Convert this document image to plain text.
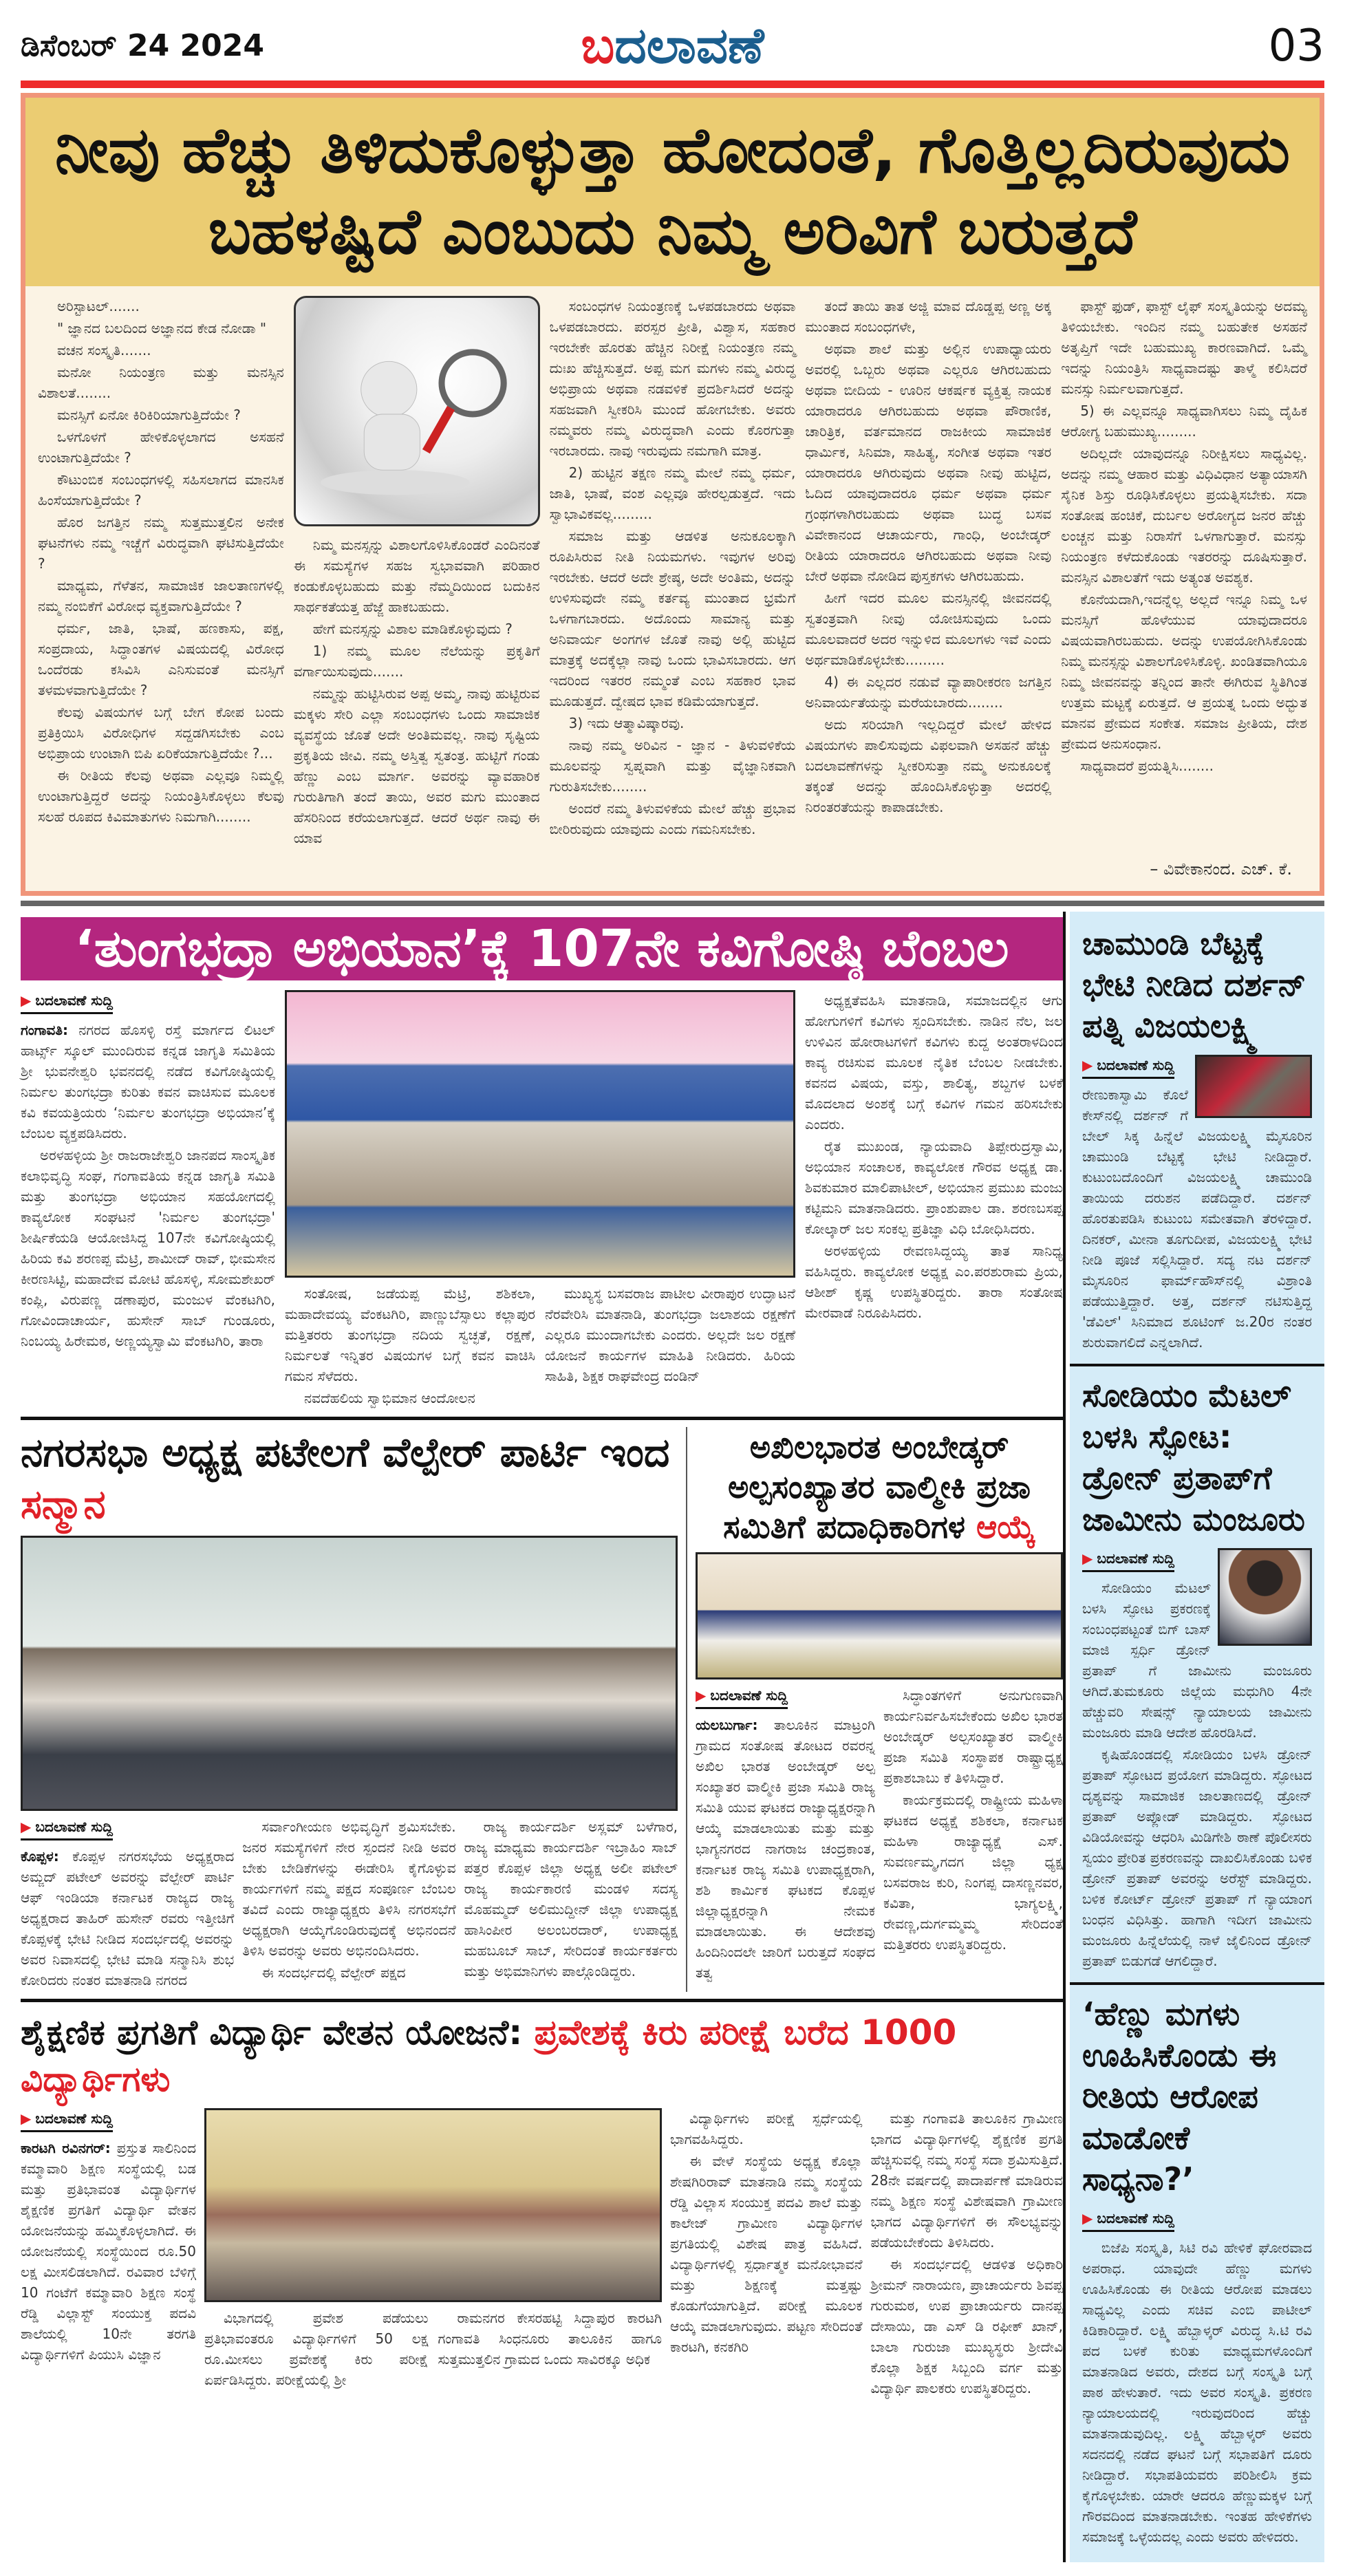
ಡಿಸೆಂಬರ್ 24 2024	ಬದಲಾವಣೆ	03
ನೀವು ಹೆಚ್ಚು ತಿಳಿದುಕೊಳ್ಳುತ್ತಾ ಹೋದಂತೆ, ಗೊತ್ತಿಲ್ಲದಿರುವುದು
ಬಹಳಷ್ಟಿದೆ ಎಂಬುದು ನಿಮ್ಮ ಅರಿವಿಗೆ ಬರುತ್ತದೆ

ಅರಿಸ್ಟಾಟಲ್.......

" ಜ್ಞಾನದ ಬಲದಿಂದ ಅಜ್ಞಾನದ ಕೇಡ ನೋಡಾ "

ವಚನ ಸಂಸ್ಕೃತಿ.......

ಮನೋ ನಿಯಂತ್ರಣ ಮತ್ತು ಮನಸ್ಸಿನ ವಿಶಾಲತೆ........

ಮನಸ್ಸಿಗೆ ಏನೋ ಕಿರಿಕಿರಿಯಾಗುತ್ತಿದೆಯೇ ?

ಒಳಗೊಳಗೆ ಹೇಳಿಕೊಳ್ಳಲಾಗದ ಅಸಹನೆ ಉಂಟಾಗುತ್ತಿದೆಯೇ ?

ಕೌಟುಂಬಿಕ ಸಂಬಂಧಗಳಲ್ಲಿ ಸಹಿಸಲಾಗದ ಮಾನಸಿಕ ಹಿಂಸೆಯಾಗುತ್ತಿದೆಯೇ ?

ಹೊರ ಜಗತ್ತಿನ ನಮ್ಮ ಸುತ್ತಮುತ್ತಲಿನ ಅನೇಕ ಘಟನೆಗಳು ನಮ್ಮ ಇಚ್ಚೆಗೆ ವಿರುದ್ಧವಾಗಿ ಘಟಿಸುತ್ತಿದೆಯೇ ?

ಮಾಧ್ಯಮ, ಗೆಳೆತನ, ಸಾಮಾಜಿಕ ಜಾಲತಾಣಗಳಲ್ಲಿ ನಮ್ಮ ನಂಬಿಕೆಗೆ ವಿರೋಧ ವ್ಯಕ್ತವಾಗುತ್ತಿದೆಯೇ ?

ಧರ್ಮ, ಜಾತಿ, ಭಾಷೆ, ಹಣಕಾಸು, ಪಕ್ಷ, ಸಂಪ್ರದಾಯ, ಸಿದ್ಧಾಂತಗಳ ವಿಷಯದಲ್ಲಿ ವಿರೋಧ ಒಂದೆರಡು ಕಸಿವಿಸಿ ಎನಿಸುವಂತೆ ಮನಸ್ಸಿಗೆ ತಳಮಳವಾಗುತ್ತಿದೆಯೇ ?

ಕೆಲವು ವಿಷಯಗಳ ಬಗ್ಗೆ ಬೇಗ ಕೋಪ ಬಂದು ಪ್ರತಿಕ್ರಿಯಿಸಿ ವಿರೋಧಿಗಳ ಸದ್ದಡಗಿಸಬೇಕು ಎಂಬ ಅಭಿಪ್ರಾಯ ಉಂಟಾಗಿ ಬಿಪಿ ಏರಿಕೆಯಾಗುತ್ತಿದೆಯೇ ?...

ಈ ರೀತಿಯ ಕೆಲವು ಅಥವಾ ಎಲ್ಲವೂ ನಿಮ್ಮಲ್ಲಿ ಉಂಟಾಗುತ್ತಿದ್ದರೆ ಅದನ್ನು ನಿಯಂತ್ರಿಸಿಕೊಳ್ಳಲು ಕೆಲವು ಸಲಹೆ ರೂಪದ ಕಿವಿಮಾತುಗಳು ನಿಮಗಾಗಿ........

ನಿಮ್ಮ ಮನಸ್ಸನ್ನು ವಿಶಾಲಗೊಳಿಸಿಕೊಂಡರೆ ಎಂದಿನಂತೆ ಈ ಸಮಸ್ಯೆಗಳ ಸಹಜ ಸ್ವಭಾವವಾಗಿ ಪರಿಹಾರ ಕಂಡುಕೊಳ್ಳಬಹುದು ಮತ್ತು ನೆಮ್ಮದಿಯಿಂದ ಬದುಕಿನ ಸಾರ್ಥಕತೆಯತ್ತ ಹೆಜ್ಜೆ ಹಾಕಬಹುದು.

ಹೇಗೆ ಮನಸ್ಸನ್ನು ವಿಶಾಲ ಮಾಡಿಕೊಳ್ಳುವುದು ?

1) ನಮ್ಮ ಮೂಲ ನೆಲೆಯನ್ನು ಪ್ರಕೃತಿಗೆ ವರ್ಗಾಯಿಸುವುದು.......

ನಮ್ಮನ್ನು ಹುಟ್ಟಿಸಿರುವ ಅಪ್ಪ ಅಮ್ಮ, ನಾವು ಹುಟ್ಟಿರುವ ಮಕ್ಕಳು ಸೇರಿ ಎಲ್ಲಾ ಸಂಬಂಧಗಳು ಒಂದು ಸಾಮಾಜಿಕ ವ್ಯವಸ್ಥೆಯ ಜೊತೆ ಅದೇ ಅಂತಿಮವಲ್ಲ. ನಾವು ಸೃಷ್ಟಿಯ ಪ್ರಕೃತಿಯ ಜೀವಿ. ನಮ್ಮ ಅಸ್ತಿತ್ವ ಸ್ವತಂತ್ರ. ಹುಟ್ಟಿಗೆ ಗಂಡು ಹೆಣ್ಣು ಎಂಬ ಮಾರ್ಗ. ಅವರನ್ನು ವ್ಯಾವಹಾರಿಕ ಗುರುತಿಗಾಗಿ ತಂದೆ ತಾಯಿ, ಅವರ ಮಗು ಮುಂತಾದ ಹೆಸರಿನಿಂದ ಕರೆಯಲಾಗುತ್ತದೆ. ಆದರೆ ಅರ್ಥ ನಾವು ಈ ಯಾವ

ಸಂಬಂಧಗಳ ನಿಯಂತ್ರಣಕ್ಕೆ ಒಳಪಡಬಾರದು ಅಥವಾ ಒಳಪಡಬಾರದು. ಪರಸ್ಪರ ಪ್ರೀತಿ, ವಿಶ್ವಾಸ, ಸಹಕಾರ ಇರಬೇಕೇ ಹೊರತು ಹೆಚ್ಚಿನ ನಿರೀಕ್ಷೆ ನಿಯಂತ್ರಣ ನಮ್ಮ ದುಃಖ ಹೆಚ್ಚಿಸುತ್ತದೆ. ಅಪ್ಪ ಮಗ ಮಗಳು ನಮ್ಮ ವಿರುದ್ಧ ಅಭಿಪ್ರಾಯ ಅಥವಾ ನಡವಳಿಕೆ ಪ್ರದರ್ಶಿಸಿದರೆ ಅದನ್ನು ಸಹಜವಾಗಿ ಸ್ವೀಕರಿಸಿ ಮುಂದೆ ಹೋಗಬೇಕು. ಅವರು ನಮ್ಮವರು ನಮ್ಮ ವಿರುದ್ಧವಾಗಿ ಎಂದು ಕೊರಗುತ್ತಾ ಇರಬಾರದು. ನಾವು ಇರುವುದು ನಮಗಾಗಿ ಮಾತ್ರ.

2) ಹುಟ್ಟಿನ ತಕ್ಷಣ ನಮ್ಮ ಮೇಲೆ ನಮ್ಮ ಧರ್ಮ, ಜಾತಿ, ಭಾಷೆ, ವಂಶ ಎಲ್ಲವೂ ಹೇರಲ್ಪಡುತ್ತದೆ. ಇದು ಸ್ವಾಭಾವಿಕವಲ್ಲ.........

ಸಮಾಜ ಮತ್ತು ಆಡಳಿತ ಅನುಕೂಲಕ್ಕಾಗಿ ರೂಪಿಸಿರುವ ನೀತಿ ನಿಯಮಗಳು. ಇವುಗಳ ಅರಿವು ಇರಬೇಕು. ಆದರೆ ಅದೇ ಶ್ರೇಷ್ಠ, ಅದೇ ಅಂತಿಮ, ಅದನ್ನು ಉಳಿಸುವುದೇ ನಮ್ಮ ಕರ್ತವ್ಯ ಮುಂತಾದ ಭ್ರಮೆಗೆ ಒಳಗಾಗಬಾರದು. ಅದೊಂದು ಸಾಮಾನ್ಯ ಮತ್ತು ಅನಿವಾರ್ಯ ಅಂಗಗಳ ಜೊತೆ ನಾವು ಅಲ್ಲಿ ಹುಟ್ಟಿದ ಮಾತ್ರಕ್ಕೆ ಅದಕ್ಕೆಲ್ಲಾ ನಾವು ಒಂದು ಭಾವಿಸಬಾರದು. ಆಗ ಇದರಿಂದ ಇತರರ ನಮ್ಮಂತೆ ಎಂಬ ಸಹಕಾರ ಭಾವ ಮೂಡುತ್ತದೆ. ದ್ವೇಷದ ಭಾವ ಕಡಿಮೆಯಾಗುತ್ತದೆ.

3) ಇದು ಆತ್ಮಾವಿಷ್ಕಾರವು.

ನಾವು ನಮ್ಮ ಅರಿವಿನ - ಜ್ಞಾನ - ತಿಳುವಳಿಕೆಯ ಮೂಲವನ್ನು ಸ್ವಪ್ನವಾಗಿ ಮತ್ತು ವೈಜ್ಞಾನಿಕವಾಗಿ ಗುರುತಿಸಬೇಕು........

ಅಂದರೆ ನಮ್ಮ ತಿಳುವಳಿಕೆಯ ಮೇಲೆ ಹೆಚ್ಚು ಪ್ರಭಾವ ಬೀರಿರುವುದು ಯಾವುದು ಎಂದು ಗಮನಿಸಬೇಕು.

ತಂದೆ ತಾಯಿ ತಾತ ಅಜ್ಜಿ ಮಾವ ದೊಡ್ಡಪ್ಪ ಅಣ್ಣ ಅಕ್ಕ ಮುಂತಾದ ಸಂಬಂಧಗಳೇ,

ಅಥವಾ ಶಾಲೆ ಮತ್ತು ಅಲ್ಲಿನ ಉಪಾಧ್ಯಾಯರು ಅವರಲ್ಲಿ ಒಬ್ಬರು ಅಥವಾ ಎಲ್ಲರೂ ಆಗಿರಬಹುದು ಅಥವಾ ಬೀದಿಯ - ಊರಿನ ಆಕರ್ಷಕ ವ್ಯಕ್ತಿತ್ವ ನಾಯಕ ಯಾರಾದರೂ ಆಗಿರಬಹುದು ಅಥವಾ ಪೌರಾಣಿಕ, ಚಾರಿತ್ರಿಕ, ವರ್ತಮಾನದ ರಾಜಕೀಯ ಸಾಮಾಜಿಕ ಧಾರ್ಮಿಕ, ಸಿನಿಮಾ, ಸಾಹಿತ್ಯ, ಸಂಗೀತ ಅಥವಾ ಇತರ ಯಾರಾದರೂ ಆಗಿರುವುದು ಅಥವಾ ನೀವು ಹುಟ್ಟಿದ, ಓದಿದ ಯಾವುದಾದರೂ ಧರ್ಮ ಅಥವಾ ಧರ್ಮ ಗ್ರಂಥಗಳಾಗಿರಬಹುದು ಅಥವಾ ಬುದ್ಧ ಬಸವ ವಿವೇಕಾನಂದ ಆಚಾರ್ಯರು, ಗಾಂಧಿ, ಅಂಬೇಡ್ಕರ್ ರೀತಿಯ ಯಾರಾದರೂ ಆಗಿರಬಹುದು ಅಥವಾ ನೀವು ಬೇರೆ ಅಥವಾ ನೋಡಿದ ಪುಸ್ತಕಗಳು ಆಗಿರಬಹುದು.

ಹೀಗೆ ಇದರ ಮೂಲ ಮನಸ್ಸಿನಲ್ಲಿ ಜೀವನದಲ್ಲಿ ಸ್ವತಂತ್ರವಾಗಿ ನೀವು ಯೋಚಿಸುವುದು ಒಂದು ಮೂಲವಾದರೆ ಅದರ ಇನ್ನುಳಿದ ಮೂಲಗಳು ಇವೆ ಎಂದು ಅರ್ಥಮಾಡಿಕೊಳ್ಳಬೇಕು.........

4) ಈ ಎಲ್ಲದರ ನಡುವೆ ವ್ಯಾಪಾರೀಕರಣ ಜಗತ್ತಿನ ಅನಿವಾರ್ಯತೆಯನ್ನು ಮರೆಯಬಾರದು........

ಅದು ಸರಿಯಾಗಿ ಇಲ್ಲದಿದ್ದರೆ ಮೇಲೆ ಹೇಳಿದ ವಿಷಯಗಳು ಪಾಲಿಸುವುದು ವಿಫಲವಾಗಿ ಅಸಹನೆ ಹೆಚ್ಚು ಬದಲಾವಣೆಗಳನ್ನು ಸ್ವೀಕರಿಸುತ್ತಾ ನಮ್ಮ ಅನುಕೂಲಕ್ಕೆ ತಕ್ಕಂತೆ ಅದನ್ನು ಹೊಂದಿಸಿಕೊಳ್ಳುತ್ತಾ ಅದರಲ್ಲಿ ನಿರಂತರತೆಯನ್ನು ಕಾಪಾಡಬೇಕು.

ಫಾಸ್ಟ್ ಫುಡ್, ಫಾಸ್ಟ್ ಲೈಫ್ ಸಂಸ್ಕೃತಿಯನ್ನು ಅದಮ್ಯ ತಿಳಿಯಬೇಕು. ಇಂದಿನ ನಮ್ಮ ಬಹುತೇಕ ಅಸಹನೆ ಅತೃಪ್ತಿಗೆ ಇದೇ ಬಹುಮುಖ್ಯ ಕಾರಣವಾಗಿದೆ. ಒಮ್ಮೆ ಇದನ್ನು ನಿಯಂತ್ರಿಸಿ ಸಾಧ್ಯವಾದಷ್ಟು ತಾಳ್ಮೆ ಕಲಿಸಿದರೆ ಮನಸ್ಸು ನಿರ್ಮಲವಾಗುತ್ತದೆ.

5) ಈ ಎಲ್ಲವನ್ನೂ ಸಾಧ್ಯವಾಗಿಸಲು ನಿಮ್ಮ ದೈಹಿಕ ಆರೋಗ್ಯ ಬಹುಮುಖ್ಯ.........

ಅದಿಲ್ಲದೇ ಯಾವುದನ್ನೂ ನಿರೀಕ್ಷಿಸಲು ಸಾಧ್ಯವಿಲ್ಲ. ಅದನ್ನು ನಮ್ಮ ಆಹಾರ ಮತ್ತು ವಿಧಿವಿಧಾನ ಅತ್ಯಾಯಾಸಗಿ ಸೈನಿಕ ಶಿಸ್ತು ರೂಢಿಸಿಕೊಳ್ಳಲು ಪ್ರಯತ್ನಿಸಬೇಕು. ಸದಾ ಸಂತೋಷ ಹಂಚಿಕೆ, ದುರ್ಬಲ ಅರೋಗ್ಯದ ಜನರ ಹೆಚ್ಚು ಲಂಚ್ಚನ ಮತ್ತು ನಿರಾಸೆಗೆ ಒಳಗಾಗುತ್ತಾರೆ. ಮನಸ್ಸು ನಿಯಂತ್ರಣ ಕಳೆದುಕೊಂಡು ಇತರರನ್ನು ದೂಷಿಸುತ್ತಾರೆ. ಮನಸ್ಸಿನ ವಿಶಾಲತೆಗೆ ಇದು ಅತ್ಯಂತ ಅವಶ್ಯಕ.

ಕೊನೆಯದಾಗಿ,ಇದನ್ನೆಲ್ಲ ಅಲ್ಲದೆ ಇನ್ನೂ ನಿಮ್ಮ ಒಳ ಮನಸ್ಸಿಗೆ ಹೊಳೆಯುವ ಯಾವುದಾದರೂ ವಿಷಯವಾಗಿರಬಹುದು. ಅದನ್ನು ಉಪಯೋಗಿಸಿಕೊಂಡು ನಿಮ್ಮ ಮನಸ್ಸನ್ನು ವಿಶಾಲಗೊಳಿಸಿಕೊಳ್ಳಿ. ಖಂಡಿತವಾಗಿಯೂ ನಿಮ್ಮ ಜೀವನವನ್ನು ತನ್ನಿಂದ ತಾನೇ ಈಗಿರುವ ಸ್ಥಿತಿಗಿಂತ ಉತ್ತಮ ಮಟ್ಟಕ್ಕೆ ಏರುತ್ತದೆ. ಆ ಪ್ರಯತ್ನ ಒಂದು ಅದ್ಭುತ ಮಾನವ ಪ್ರೇಮದ ಸಂಕೇತ. ಸಮಾಜ ಪ್ರೀತಿಯ, ದೇಶ ಪ್ರೇಮದ ಅನುಸಂಧಾನ.

ಸಾಧ್ಯವಾದರೆ ಪ್ರಯತ್ನಿಸಿ........

– ವಿವೇಕಾನಂದ. ಎಚ್. ಕೆ.
‘ತುಂಗಭದ್ರಾ ಅಭಿಯಾನ’ಕ್ಕೆ 107ನೇ ಕವಿಗೋಷ್ಠಿ ಬೆಂಬಲ
▶ ಬದಲಾವಣೆ ಸುದ್ದಿ

ಗಂಗಾವತಿ: ನಗರದ ಹೊಸಳ್ಳಿ ರಸ್ತೆ ಮಾರ್ಗದ ಲಿಟಲ್ ಹಾರ್ಟ್ಸ್ ಸ್ಕೂಲ್ ಮುಂದಿರುವ ಕನ್ನಡ ಜಾಗೃತಿ ಸಮಿತಿಯ ಶ್ರೀ ಭುವನೇಶ್ವರಿ ಭವನದಲ್ಲಿ ನಡೆದ ಕವಿಗೋಷ್ಠಿಯಲ್ಲಿ ನಿರ್ಮಲ ತುಂಗಭದ್ರಾ ಕುರಿತು ಕವನ ವಾಚಿಸುವ ಮೂಲಕ ಕವಿ ಕವಯತ್ರಿಯರು ‘ನಿರ್ಮಲ ತುಂಗಭದ್ರಾ ಅಭಿಯಾನ’ಕ್ಕೆ ಬೆಂಬಲ ವ್ಯಕ್ತಪಡಿಸಿದರು.

ಅರಳಹಳ್ಳಿಯ ಶ್ರೀ ರಾಜರಾಜೇಶ್ವರಿ ಜಾನಪದ ಸಾಂಸ್ಕೃತಿಕ ಕಲಾಭಿವೃದ್ಧಿ ಸಂಘ, ಗಂಗಾವತಿಯ ಕನ್ನಡ ಜಾಗೃತಿ ಸಮಿತಿ ಮತ್ತು ತುಂಗಭದ್ರಾ ಅಭಿಯಾನ ಸಹಯೋಗದಲ್ಲಿ ಕಾವ್ಯಲೋಕ ಸಂಘಟನೆ 'ನಿರ್ಮಲ ತುಂಗಭದ್ರಾ' ಶೀರ್ಷಿಕೆಯಡಿ ಆಯೋಜಿಸಿದ್ದ 107ನೇ ಕವಿಗೋಷ್ಠಿಯಲ್ಲಿ ಹಿರಿಯ ಕವಿ ಶರಣಪ್ಪ ಮೆಟ್ರಿ, ಶಾಮೀದ್ ರಾವ್, ಭೀಮಸೇನ ಕೀರಣಸಿಟ್ಟಿ, ಮಹಾದೇವ ಮೋಟಿ ಹೊಸಳ್ಳಿ, ಸೋಮಶೇಖರ್ ಕಂಪ್ಲಿ, ವಿರುಪಣ್ಣ ಡಣಾಪುರ, ಮಂಜುಳ ವೆಂಕಟಗಿರಿ, ಗೋವಿಂದಾಚಾರ್ಯ, ಹುಸೇನ್ ಸಾಬ್ ಗುಂಡೂರು, ನಿಂಬಯ್ಯ ಹಿರೇಮಠ, ಅಣ್ಣಯ್ಯಸ್ವಾಮಿ ವೆಂಕಟಗಿರಿ, ತಾರಾ

ಸಂತೋಷ, ಜಡೆಯಪ್ಪ ಮೆಟ್ರಿ, ಶಶಿಕಲಾ, ಮಹಾದೇವಯ್ಯ ವೆಂಕಟಗಿರಿ, ಪಾಣ್ಣುಬೆಸ್ಸಾಲು ಕಲ್ಲಾಪುರ ಮತ್ತಿತರರು ತುಂಗಭದ್ರಾ ನದಿಯ ಸ್ವಚ್ಛತೆ, ರಕ್ಷಣೆ, ನಿರ್ಮಲತೆ ಇನ್ನಿತರ ವಿಷಯಗಳ ಬಗ್ಗೆ ಕವನ ವಾಚಿಸಿ ಗಮನ ಸೆಳೆದರು.

ನವದೆಹಲಿಯ ಸ್ವಾಭಿಮಾನ ಆಂದೋಲನ

ಮುಖ್ಯಸ್ಥ ಬಸವರಾಜ ಪಾಟೀಲ ವೀರಾಪುರ ಉದ್ಘಾಟನೆ ನೆರವೇರಿಸಿ ಮಾತನಾಡಿ, ತುಂಗಭದ್ರಾ ಜಲಾಶಯ ರಕ್ಷಣೆಗೆ ಎಲ್ಲರೂ ಮುಂದಾಗಬೇಕು ಎಂದರು. ಅಲ್ಲದೇ ಜಲ ರಕ್ಷಣೆ ಯೋಜನೆ ಕಾರ್ಯಗಳ ಮಾಹಿತಿ ನೀಡಿದರು. ಹಿರಿಯ ಸಾಹಿತಿ, ಶಿಕ್ಷಕ ರಾಘವೇಂದ್ರ ದಂಡಿನ್

ಅಧ್ಯಕ್ಷತೆವಹಿಸಿ ಮಾತನಾಡಿ, ಸಮಾಜದಲ್ಲಿನ ಆಗು ಹೋಗುಗಳಿಗೆ ಕವಿಗಳು ಸ್ಪಂದಿಸಬೇಕು. ನಾಡಿನ ನೆಲ, ಜಲ ಉಳಿವಿನ ಹೋರಾಟಗಳಿಗೆ ಕವಿಗಳು ಕುದ್ದ ಅಂತರಾಳದಿಂದ ಕಾವ್ಯ ರಚಿಸುವ ಮೂಲಕ ನೈತಿಕ ಬೆಂಬಲ ನೀಡಬೇಕು. ಕವನದ ವಿಷಯ, ವಸ್ತು, ಶಾಲಿತ್ಯ, ಶಬ್ದಗಳ ಬಳಕೆ ಮೊದಲಾದ ಅಂಶಕ್ಕೆ ಬಗ್ಗೆ ಕವಿಗಳ ಗಮನ ಹರಿಸಬೇಕು ಎಂದರು.

ರೈತ ಮುಖಂಡ, ನ್ಯಾಯವಾದಿ ತಿಪ್ಪೇರುದ್ರಸ್ವಾಮಿ, ಅಭಿಯಾನ ಸಂಚಾಲಕ, ಕಾವ್ಯಲೋಕ ಗೌರವ ಅಧ್ಯಕ್ಷ ಡಾ. ಶಿವಕುಮಾರ ಮಾಲಿಪಾಟೀಲ್, ಅಭಿಯಾನ ಪ್ರಮುಖ ಮಂಜು ಕಟ್ಟಿಮನಿ ಮಾತನಾಡಿದರು. ಪ್ರಾಂಶುಪಾಲ ಡಾ. ಶರಣಬಸಪ್ಪ ಕೋಲ್ಕಾರ್ ಜಲ ಸಂಕಲ್ಪ ಪ್ರತಿಜ್ಞಾ ವಿಧಿ ಬೋಧಿಸಿದರು.

ಅರಳಹಳ್ಳಿಯ ರೇವಣಸಿದ್ದಯ್ಯ ತಾತ ಸಾನಿಧ್ಯ ವಹಿಸಿದ್ದರು. ಕಾವ್ಯಲೋಕ ಅಧ್ಯಕ್ಷ ಎಂ.ಪರಶುರಾಮ ಪ್ರಿಯ, ಆಶೀಶ್ ಕೃಷ್ಣ ಉಪಸ್ಥಿತರಿದ್ದರು. ತಾರಾ ಸಂತೋಷ ಮೇರವಾಡೆ ನಿರೂಪಿಸಿದರು.

ನಗರಸಭಾ ಅಧ್ಯಕ್ಷ ಪಟೇಲಗೆ ವೆಲ್ಪೇರ್ ಪಾರ್ಟಿ ಇಂದ ಸನ್ಮಾನ
▶ ಬದಲಾವಣೆ ಸುದ್ದಿ

ಕೊಪ್ಪಳ: ಕೊಪ್ಪಳ ನಗರಸಭೆಯ ಅಧ್ಯಕ್ಷರಾದ ಅಮ್ಜದ್ ಪಟೇಲ್ ಅವರನ್ನು ವೆಲ್ಪೇರ್ ಪಾರ್ಟಿ ಆಫ್ ಇಂಡಿಯಾ ಕರ್ನಾಟಕ ರಾಜ್ಯದ ರಾಜ್ಯ ಅಧ್ಯಕ್ಷರಾದ ತಾಹಿರ್ ಹುಸೇನ್ ರವರು ಇತ್ತೀಚಿಗೆ ಕೊಪ್ಪಳಕ್ಕೆ ಭೇಟಿ ನೀಡಿದ ಸಂದರ್ಭದಲ್ಲಿ ಅವರನ್ನು ಅವರ ನಿವಾಸದಲ್ಲಿ ಭೇಟಿ ಮಾಡಿ ಸನ್ಮಾನಿಸಿ ಶುಭ ಕೋರಿದರು ನಂತರ ಮಾತನಾಡಿ ನಗರದ

ಸರ್ವಾಂಗೀಯಣ ಅಭಿವೃದ್ಧಿಗೆ ಶ್ರಮಿಸಬೇಕು. ಜನರ ಸಮಸ್ಯೆಗಳಿಗೆ ನೇರ ಸ್ಪಂದನೆ ನೀಡಿ ಅವರ ಬೇಕು ಬೇಡಿಕೆಗಳನ್ನು ಈಡೇರಿಸಿ ಕೈಗೊಳ್ಳುವ ಕಾರ್ಯಗಳಿಗೆ ನಮ್ಮ ಪಕ್ಷದ ಸಂಪೂರ್ಣ ಬೆಂಬಲ ತವಿದೆ ಎಂದು ರಾಜ್ಯಾಧ್ಯಕ್ಷರು ತಿಳಿಸಿ ನಗರಸಭೆಗೆ ಅಧ್ಯಕ್ಷರಾಗಿ ಆಯ್ಕೆಗೊಂಡಿರುವುದಕ್ಕೆ ಅಭಿನಂದನೆ ತಿಳಿಸಿ ಅವರನ್ನು ಅವರು ಅಭಿನಂದಿಸಿದರು.

ಈ ಸಂದರ್ಭದಲ್ಲಿ ವೆಲ್ಪೇರ್ ಪಕ್ಷದ

ರಾಜ್ಯ ಕಾರ್ಯದರ್ಶಿ ಅಸ್ಲಮ್ ಬಳೆಗಾರ, ರಾಜ್ಯ ಮಾಧ್ಯಮ ಕಾರ್ಯದರ್ಶಿ ಇಬ್ರಾಹಿಂ ಸಾಬ್ ಪತ್ತರ ಕೊಪ್ಪಳ ಜಿಲ್ಲಾ ಅಧ್ಯಕ್ಷ ಅಲೀ ಪಟೇಲ್ ರಾಜ್ಯ ಕಾರ್ಯಕಾರಣಿ ಮಂಡಳಿ ಸದಸ್ಯ ಮೊಹಮ್ಮದ್ ಅಲಿಮುದ್ದೀನ್ ಜಿಲ್ಲಾ ಉಪಾಧ್ಯಕ್ಷ ಹಾಸಿಂಪೀರ ಅಲಂಬರದಾರ್, ಉಪಾಧ್ಯಕ್ಷ ಮಹಬೂಬ್ ಸಾಬ್, ಸೇರಿದಂತೆ ಕಾರ್ಯಕರ್ತರು ಮತ್ತು ಅಭಿಮಾನಿಗಳು ಪಾಲ್ಗೊಂಡಿದ್ದರು.

ಅಖಿಲಭಾರತ ಅಂಬೇಡ್ಕರ್ ಅಲ್ಪಸಂಖ್ಯಾತರ ವಾಲ್ಮೀಕಿ ಪ್ರಜಾ ಸಮಿತಿಗೆ ಪದಾಧಿಕಾರಿಗಳ ಆಯ್ಕೆ
▶ ಬದಲಾವಣೆ ಸುದ್ದಿ

ಯಲಬುರ್ಗಾ: ತಾಲೂಕಿನ ಮಾಟ್ರಂಗಿ ಗ್ರಾಮದ ಸಂತೋಷ ತೋಟದ ರವರನ್ನ ಅಖಿಲ ಭಾರತ ಅಂಬೇಡ್ಕರ್ ಅಲ್ಪ ಸಂಖ್ಯಾತರ ವಾಲ್ಮೀಕಿ ಪ್ರಜಾ ಸಮಿತಿ ರಾಜ್ಯ ಸಮಿತಿ ಯುವ ಘಟಕದ ರಾಜ್ಯಾಧ್ಯಕ್ಷರನ್ನಾಗಿ ಆಯ್ಕೆ ಮಾಡಲಾಯಿತು ಮತ್ತು ಮತ್ತು ಭಾಗ್ಯನಗರದ ನಾಗರಾಜ ಚಂದ್ರಕಾಂತ, ಕರ್ನಾಟಕ ರಾಜ್ಯ ಸಮಿತಿ ಉಪಾಧ್ಯಕ್ಷರಾಗಿ, ಶಶಿ ಕಾರ್ಮಿಕ ಘಟಕದ ಕೊಪ್ಪಳ ಜಿಲ್ಲಾಧ್ಯಕ್ಷರನ್ನಾಗಿ ನೇಮಕ ಮಾಡಲಾಯಿತು. ಈ ಆದೇಶವು ಹಿಂದಿನಿಂದಲೇ ಜಾರಿಗೆ ಬರುತ್ತದೆ ಸಂಘದ ತತ್ವ

ಸಿದ್ಧಾಂತಗಳಿಗೆ ಅನುಗುಣವಾಗಿ ಕಾರ್ಯನಿರ್ವಹಿಸಬೇಕೆಂದು ಅಖಿಲ ಭಾರತ ಅಂಬೇಡ್ಕರ್ ಅಲ್ಪಸಂಖ್ಯಾತರ ವಾಲ್ಮೀಕಿ ಪ್ರಜಾ ಸಮಿತಿ ಸಂಸ್ಥಾಪಕ ರಾಷ್ಟ್ರಾಧ್ಯಕ್ಷ ಪ್ರಕಾಶಬಾಬು ಕೆ ತಿಳಿಸಿದ್ದಾರೆ.

ಕಾರ್ಯಕ್ರಮದಲ್ಲಿ ರಾಷ್ಟ್ರೀಯ ಮಹಿಳಾ ಘಟಕದ ಅಧ್ಯಕ್ಷೆ ಶಶಿಕಲಾ, ಕರ್ನಾಟಕ ಮಹಿಳಾ ರಾಜ್ಯಾಧ್ಯಕ್ಷೆ ಎಸ್. ಸುವರ್ಣಮ್ಮ,ಗದಗ ಜಿಲ್ಲಾ ಧ್ಯಕ್ಷ ಬಸವರಾಜ ಕುರಿ, ನಿಂಗಪ್ಪ ದಾಸಣ್ಣನವರ, ಕವಿತಾ, ಭಾಗ್ಯಲಕ್ಷ್ಮಿ, ರೇವಣ್ಣ,ದುರ್ಗಮ್ಮಮ್ಮ ಸೇರಿದಂತೆ ಮತ್ತಿತರರು ಉಪಸ್ಥಿತರಿದ್ದರು.

ಶೈಕ್ಷಣಿಕ ಪ್ರಗತಿಗೆ ವಿದ್ಯಾರ್ಥಿ ವೇತನ ಯೋಜನೆ: ಪ್ರವೇಶಕ್ಕೆ ಕಿರು ಪರೀಕ್ಷೆ ಬರೆದ 1000 ವಿದ್ಯಾರ್ಥಿಗಳು
▶ ಬದಲಾವಣೆ ಸುದ್ದಿ

ಕಾರಟಗಿ ರವಿನಗರ್: ಪ್ರಸ್ತುತ ಸಾಲಿನಿಂದ ಕಮ್ಮಾವಾರಿ ಶಿಕ್ಷಣ ಸಂಸ್ಥೆಯಲ್ಲಿ ಬಡ ಮತ್ತು ಪ್ರತಿಭಾವಂತ ವಿದ್ಯಾರ್ಥಿಗಳ ಶೈಕ್ಷಣಿಕ ಪ್ರಗತಿಗೆ ವಿದ್ಯಾರ್ಥಿ ವೇತನ ಯೋಜನೆಯನ್ನು ಹಮ್ಮಿಕೊಳ್ಳಲಾಗಿದೆ. ಈ ಯೋಜನೆಯಲ್ಲಿ ಸಂಸ್ಥೆಯಿಂದ ರೂ.50 ಲಕ್ಷ ಮೀಸಲಿಡಲಾಗಿದೆ. ರವಿವಾರ ಬೆಳಿಗ್ಗೆ 10 ಗಂಟೆಗೆ ಕಮ್ಮಾವಾರಿ ಶಿಕ್ಷಣ ಸಂಸ್ಥೆ ರೆಡ್ಡಿ ವಿಲ್ಲಾಸ್ಟ್ ಸಂಯುಕ್ತ ಪದವಿ ಶಾಲೆಯಲ್ಲಿ 10ನೇ ತರಗತಿ ವಿದ್ಯಾರ್ಥಿಗಳಿಗೆ ಪಿಯುಸಿ ವಿಜ್ಞಾನ

ವಿಭಾಗದಲ್ಲಿ ಪ್ರವೇಶ ಪಡೆಯಲು ಪ್ರತಿಭಾವಂತರೂ ವಿದ್ಯಾರ್ಥಿಗಳಿಗೆ 50 ಲಕ್ಷ ರೂ.ಮೀಸಲು ಪ್ರವೇಶಕ್ಕೆ ಕಿರು ಪರೀಕ್ಷೆ ಏರ್ಪಡಿಸಿದ್ದರು. ಪರೀಕ್ಷೆಯಲ್ಲಿ ಶ್ರೀ

ರಾಮನಗರ ಕೇಸರಹಟ್ಟಿ ಸಿದ್ದಾಪುರ ಕಾರಟಗಿ ಗಂಗಾವತಿ ಸಿಂಧನೂರು ತಾಲೂಕಿನ ಹಾಗೂ ಸುತ್ತಮುತ್ತಲಿನ ಗ್ರಾಮದ ಒಂದು ಸಾವಿರಕ್ಕೂ ಅಧಿಕ

ವಿದ್ಯಾರ್ಥಿಗಳು ಪರೀಕ್ಷೆ ಸ್ಪರ್ಧೆಯಲ್ಲಿ ಭಾಗವಹಿಸಿದ್ದರು.

ಈ ವೇಳೆ ಸಂಸ್ಥೆಯ ಅಧ್ಯಕ್ಷ ಕೊಲ್ಲಾ ಶೇಷಗಿರಿರಾವ್ ಮಾತನಾಡಿ ನಮ್ಮ ಸಂಸ್ಥೆಯ ರೆಡ್ಡಿ ವಿಲ್ಲಾಸ ಸಂಯುಕ್ತ ಪದವಿ ಶಾಲೆ ಮತ್ತು ಕಾಲೇಜ್ ಗ್ರಾಮೀಣ ವಿದ್ಯಾರ್ಥಿಗಳ ಪ್ರಗತಿಯಲ್ಲಿ ವಿಶೇಷ ಪಾತ್ರ ವಹಿಸಿದೆ. ವಿದ್ಯಾರ್ಥಿಗಳಲ್ಲಿ ಸ್ಪರ್ಧಾತ್ಮಕ ಮನೋಭಾವನೆ ಮತ್ತು ಶಿಕ್ಷಣಕ್ಕೆ ಮತ್ತಷ್ಟು ಕೊಡುಗೆಯಾಗುತ್ತಿದೆ. ಪರೀಕ್ಷೆ ಮೂಲಕ ಆಯ್ಕೆ ಮಾಡಲಾಗುವುದು. ಪಟ್ಟಣ ಸೇರಿದಂತೆ ಕಾರಟಗಿ, ಕನಕಗಿರಿ

ಮತ್ತು ಗಂಗಾವತಿ ತಾಲೂಕಿನ ಗ್ರಾಮೀಣ ಭಾಗದ ವಿದ್ಯಾರ್ಥಿಗಳಲ್ಲಿ ಶೈಕ್ಷಣಿಕ ಪ್ರಗತಿ ಹೆಚ್ಚಿಸುವಲ್ಲಿ ನಮ್ಮ ಸಂಸ್ಥೆ ಸದಾ ಶ್ರಮಿಸುತ್ತಿದೆ. 28ನೇ ವರ್ಷದಲ್ಲಿ ಪಾದಾರ್ಪಣೆ ಮಾಡಿರುವ ನಮ್ಮ ಶಿಕ್ಷಣ ಸಂಸ್ಥೆ ವಿಶೇಷವಾಗಿ ಗ್ರಾಮೀಣ ಭಾಗದ ವಿದ್ಯಾರ್ಥಿಗಳಿಗೆ ಈ ಸೌಲಭ್ಯವನ್ನು ಪಡೆಯಬೇಕೆಂದು ತಿಳಿಸಿದರು.

ಈ ಸಂದರ್ಭದಲ್ಲಿ ಆಡಳಿತ ಅಧಿಕಾರಿ ಶ್ರೀಮನ್ ನಾರಾಯಣ, ಪ್ರಾಚಾರ್ಯರು ಶಿವಪ್ಪ ಗುರುಮಠ, ಉಪ ಪ್ರಾಚಾರ್ಯರು ದಾನಪ್ಪ ದೇಸಾಯಿ, ಡಾ ಎಸ್ ಡಿ ರಫೀಕ್ ಖಾನ್, ಬಾಲಾ ಗುರುಜಾ ಮುಖ್ಯಸ್ಥರು ಶ್ರೀದೇವಿ ಕೊಲ್ಲಾ ಶಿಕ್ಷಕ ಸಿಬ್ಬಂದಿ ವರ್ಗ ಮತ್ತು ವಿದ್ಯಾರ್ಥಿ ಪಾಲಕರು ಉಪಸ್ಥಿತರಿದ್ದರು.

ಚಾಮುಂಡಿ ಬೆಟ್ಟಕ್ಕೆ ಭೇಟಿ ನೀಡಿದ ದರ್ಶನ್ ಪತ್ನಿ ವಿಜಯಲಕ್ಷ್ಮಿ
▶ ಬದಲಾವಣೆ ಸುದ್ದಿ

ರೇಣುಕಾಸ್ವಾಮಿ ಕೊಲೆ ಕೇಸ್‌ನಲ್ಲಿ ದರ್ಶನ್ ಗೆ ಬೇಲ್ ಸಿಕ್ಕ ಹಿನ್ನೆಲೆ ವಿಜಯಲಕ್ಷ್ಮಿ ಮೈಸೂರಿನ ಚಾಮುಂಡಿ ಬೆಟ್ಟಕ್ಕೆ ಭೇಟಿ ನೀಡಿದ್ದಾರೆ. ಕುಟುಂಬದೊಂದಿಗೆ ವಿಜಯಲಕ್ಷ್ಮಿ ಚಾಮುಂಡಿ ತಾಯಿಯ ದರುಶನ ಪಡೆದಿದ್ದಾರೆ. ದರ್ಶನ್ ಹೊರತುಪಡಿಸಿ ಕುಟುಂಬ ಸಮೇತವಾಗಿ ತೆರಳಿದ್ದಾರೆ. ದಿನಕರ್, ಮೀನಾ ತೂಗುದೀಪ, ವಿಜಯಲಕ್ಷ್ಮಿ ಭೇಟಿ ನೀಡಿ ಪೂಜೆ ಸಲ್ಲಿಸಿದ್ದಾರೆ. ಸದ್ಯ ನಟ ದರ್ಶನ್ ಮೈಸೂರಿನ ಫಾರ್ಮ್‌ಹೌಸ್‌ನಲ್ಲಿ ವಿಶ್ರಾಂತಿ ಪಡೆಯುತ್ತಿದ್ದಾರೆ. ಅತ್ತ, ದರ್ಶನ್ ನಟಿಸುತ್ತಿದ್ದ 'ಡೆವಿಲ್' ಸಿನಿಮಾದ ಶೂಟಿಂಗ್ ಜ.20ರ ನಂತರ ಶುರುವಾಗಲಿದೆ ಎನ್ನಲಾಗಿದೆ.

ಸೋಡಿಯಂ ಮೆಟಲ್ ಬಳಸಿ ಸ್ಫೋಟ: ಡ್ರೋನ್ ಪ್ರತಾಪ್‌ಗೆ ಜಾಮೀನು ಮಂಜೂರು
▶ ಬದಲಾವಣೆ ಸುದ್ದಿ

ಸೋಡಿಯಂ ಮೆಟಲ್ ಬಳಸಿ ಸ್ಫೋಟ ಪ್ರಕರಣಕ್ಕೆ ಸಂಬಂಧಪಟ್ಟಂತೆ ಬಿಗ್ ಬಾಸ್ ಮಾಜಿ ಸ್ಪರ್ಧಿ ಡ್ರೋನ್ ಪ್ರತಾಪ್ ಗೆ ಜಾಮೀನು ಮಂಜೂರು ಆಗಿದೆ.ತುಮಕೂರು ಜಿಲ್ಲೆಯ ಮಧುಗಿರಿ 4ನೇ ಹೆಚ್ಚುವರಿ ಸೇಷನ್ಸ್ ನ್ಯಾಯಾಲಯ ಜಾಮೀನು ಮಂಜೂರು ಮಾಡಿ ಆದೇಶ ಹೊರಡಿಸಿದೆ.

ಕೃಷಿಹೊಂಡದಲ್ಲಿ ಸೋಡಿಯಂ ಬಳಸಿ ಡ್ರೋನ್ ಪ್ರತಾಪ್ ಸ್ಫೋಟದ ಪ್ರಯೋಗ ಮಾಡಿದ್ದರು. ಸ್ಫೋಟದ ದೃಶ್ಯವನ್ನು ಸಾಮಾಜಿಕ ಜಾಲತಾಣದಲ್ಲಿ ಡ್ರೋನ್ ಪ್ರತಾಪ್ ಅಪ್ಲೋಡ್ ಮಾಡಿದ್ದರು. ಸ್ಫೋಟದ ವಿಡಿಯೋವನ್ನು ಆಧರಿಸಿ ಮಿಡಿಗೇಶಿ ಠಾಣೆ ಪೊಲೀಸರು ಸ್ವಯಂ ಪ್ರೇರಿತ ಪ್ರಕರಣವನ್ನು ದಾಖಲಿಸಿಕೊಂಡು ಬಳಿಕ ಡ್ರೋನ್ ಪ್ರತಾಪ್ ಅವರನ್ನು ಅರೆಸ್ಟ್ ಮಾಡಿದ್ದರು. ಬಳಿಕ ಕೋರ್ಟ್ ಡ್ರೋನ್ ಪ್ರತಾಪ್ ಗೆ ನ್ಯಾಯಾಂಗ ಬಂಧನ ವಿಧಿಸಿತ್ತು. ಹಾಗಾಗಿ ಇದೀಗ ಜಾಮೀನು ಮಂಜೂರು ಹಿನ್ನೆಲೆಯಲ್ಲಿ ನಾಳೆ ಜೈಲಿನಿಂದ ಡ್ರೋನ್ ಪ್ರತಾಪ್ ಬಿಡುಗಡೆ ಆಗಲಿದ್ದಾರೆ.

‘ಹೆಣ್ಣು ಮಗಳು ಊಹಿಸಿಕೊಂಡು ಈ ರೀತಿಯ ಆರೋಪ ಮಾಡೋಕೆ ಸಾಧ್ಯನಾ?’
▶ ಬದಲಾವಣೆ ಸುದ್ದಿ

ಬಿಜೆಪಿ ಸಂಸ್ಕೃತಿ, ಸಿಟಿ ರವಿ ಹೇಳಿಕೆ ಘೋರವಾದ ಅಪರಾಧ. ಯಾವುದೇ ಹೆಣ್ಣು ಮಗಳು ಊಹಿಸಿಕೊಂಡು ಈ ರೀತಿಯ ಆರೋಪ ಮಾಡಲು ಸಾಧ್ಯವಿಲ್ಲ ಎಂದು ಸಚಿವ ಎಂಬಿ ಪಾಟೀಲ್ ಕಿಡಿಕಾರಿದ್ದಾರೆ. ಲಕ್ಷ್ಮಿ ಹೆಬ್ಬಾಳ್ಕರ್ ವಿರುದ್ಧ ಸಿ.ಟಿ ರವಿ ಪದ ಬಳಕೆ ಕುರಿತು ಮಾಧ್ಯಮಗಳೊಂದಿಗೆ ಮಾತನಾಡಿದ ಅವರು, ದೇಶದ ಬಗ್ಗೆ ಸಂಸ್ಕೃತಿ ಬಗ್ಗೆ ಪಾಠ ಹೇಳುತಾರೆ. ಇದು ಅವರ ಸಂಸ್ಕೃತಿ. ಪ್ರಕರಣ ನ್ಯಾಯಾಲಯದಲ್ಲಿ ಇರುವುದರಿಂದ ಹೆಚ್ಚು ಮಾತನಾಡುವುದಿಲ್ಲ. ಲಕ್ಷ್ಮಿ ಹೆಬ್ಬಾಳ್ಕರ್ ಅವರು ಸದನದಲ್ಲಿ ನಡೆದ ಘಟನೆ ಬಗ್ಗೆ ಸಭಾಪತಿಗೆ ದೂರು ನೀಡಿದ್ದಾರೆ. ಸಭಾಪತಿಯವರು ಪರಿಶೀಲಿಸಿ ಕ್ರಮ ಕೈಗೊಳ್ಳಬೇಕು. ಯಾರೇ ಆದರೂ ಹೆಣ್ಣುಮಕ್ಕಳ ಬಗ್ಗೆ ಗೌರವದಿಂದ ಮಾತನಾಡಬೇಕು. ಇಂತಹ ಹೇಳಿಕೆಗಳು ಸಮಾಜಕ್ಕೆ ಒಳ್ಳೆಯದಲ್ಲ ಎಂದು ಅವರು ಹೇಳಿದರು.
